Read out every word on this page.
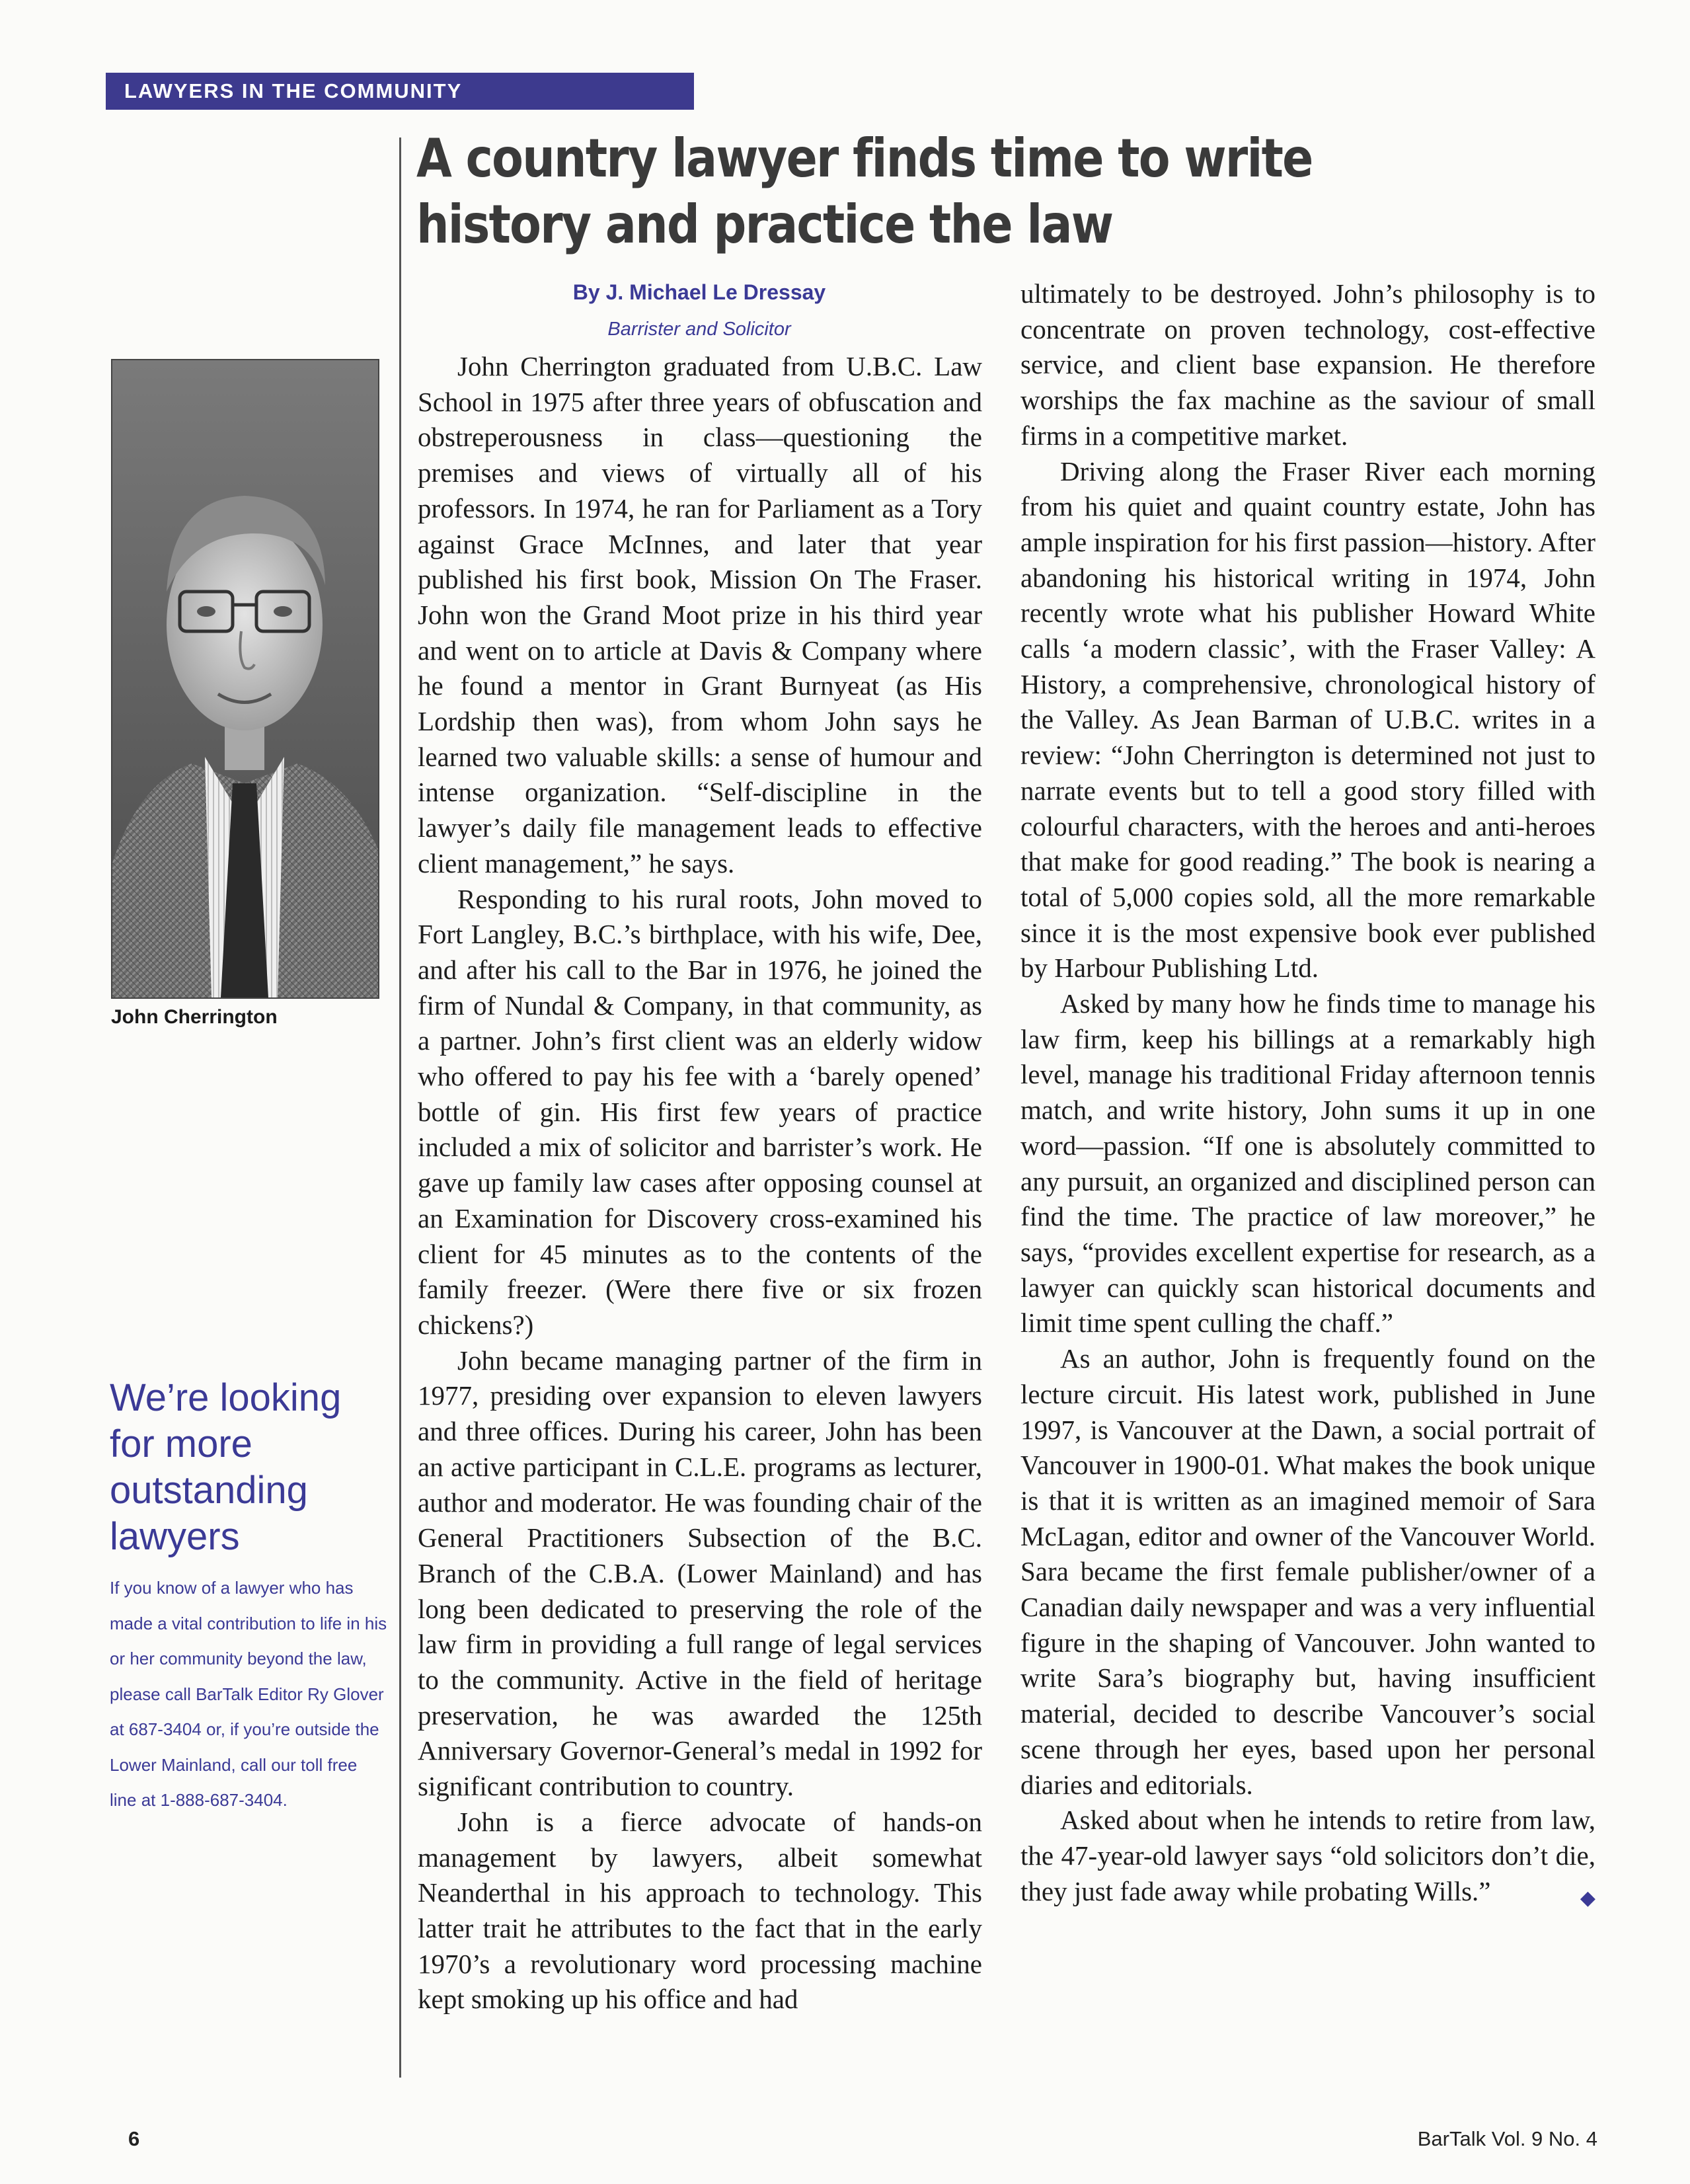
LAWYERS IN THE COMMUNITY
A country lawyer finds time to write history and practice the law

John Cherrington

We’re looking for more outstanding lawyers

If you know of a lawyer who has made a vital contribution to life in his or her community beyond the law, please call BarTalk Editor Ry Glover at 687-3404 or, if you’re outside the Lower Mainland, call our toll free line at 1-888-687-3404.

By J. Michael Le Dressay

Barrister and Solicitor

John Cherrington graduated from U.B.C. Law School in 1975 after three years of obfuscation and obstreperousness in class—questioning the premises and views of virtually all of his professors. In 1974, he ran for Parliament as a Tory against Grace McInnes, and later that year published his first book, Mission On The Fraser. John won the Grand Moot prize in his third year and went on to article at Davis & Company where he found a mentor in Grant Burnyeat (as His Lordship then was), from whom John says he learned two valuable skills: a sense of humour and intense organization. “Self-discipline in the lawyer’s daily file management leads to effective client management,” he says.

Responding to his rural roots, John moved to Fort Langley, B.C.’s birthplace, with his wife, Dee, and after his call to the Bar in 1976, he joined the firm of Nundal & Company, in that community, as a partner. John’s first client was an elderly widow who offered to pay his fee with a ‘barely opened’ bottle of gin. His first few years of practice included a mix of solicitor and barrister’s work. He gave up family law cases after opposing counsel at an Examination for Discovery cross-examined his client for 45 minutes as to the contents of the family freezer. (Were there five or six frozen chickens?)

John became managing partner of the firm in 1977, presiding over expansion to eleven lawyers and three offices. During his career, John has been an active participant in C.L.E. programs as lecturer, author and moderator. He was founding chair of the General Practitioners Subsection of the B.C. Branch of the C.B.A. (Lower Mainland) and has long been dedicated to preserving the role of the law firm in providing a full range of legal services to the community. Active in the field of heritage preservation, he was awarded the 125th Anniversary Governor-General’s medal in 1992 for significant contribution to country.

John is a fierce advocate of hands-on management by lawyers, albeit somewhat Neanderthal in his approach to technology. This latter trait he attributes to the fact that in the early 1970’s a revolutionary word processing machine kept smoking up his office and had

ultimately to be destroyed. John’s philosophy is to concentrate on proven technology, cost-effective service, and client base expansion. He therefore worships the fax machine as the saviour of small firms in a competitive market.

Driving along the Fraser River each morning from his quiet and quaint country estate, John has ample inspiration for his first passion—history. After abandoning his historical writing in 1974, John recently wrote what his publisher Howard White calls ‘a modern classic’, with the Fraser Valley: A History, a comprehensive, chronological history of the Valley. As Jean Barman of U.B.C. writes in a review: “John Cherrington is determined not just to narrate events but to tell a good story filled with colourful characters, with the heroes and anti-heroes that make for good reading.” The book is nearing a total of 5,000 copies sold, all the more remarkable since it is the most expensive book ever published by Harbour Publishing Ltd.

Asked by many how he finds time to manage his law firm, keep his billings at a remarkably high level, manage his traditional Friday afternoon tennis match, and write history, John sums it up in one word—passion. “If one is absolutely committed to any pursuit, an organized and disciplined person can find the time. The practice of law moreover,” he says, “provides excellent expertise for research, as a lawyer can quickly scan historical documents and limit time spent culling the chaff.”

As an author, John is frequently found on the lecture circuit. His latest work, published in June 1997, is Vancouver at the Dawn, a social portrait of Vancouver in 1900-01. What makes the book unique is that it is written as an imagined memoir of Sara McLagan, editor and owner of the Vancouver World. Sara became the first female publisher/owner of a Canadian daily newspaper and was a very influential figure in the shaping of Vancouver. John wanted to write Sara’s biography but, having insufficient material, decided to describe Vancouver’s social scene through her eyes, based upon her personal diaries and editorials.

Asked about when he intends to retire from law, the 47-year-old lawyer says “old solicitors don’t die, they just fade away while probating Wills.”	◆

6	BarTalk Vol. 9 No. 4
